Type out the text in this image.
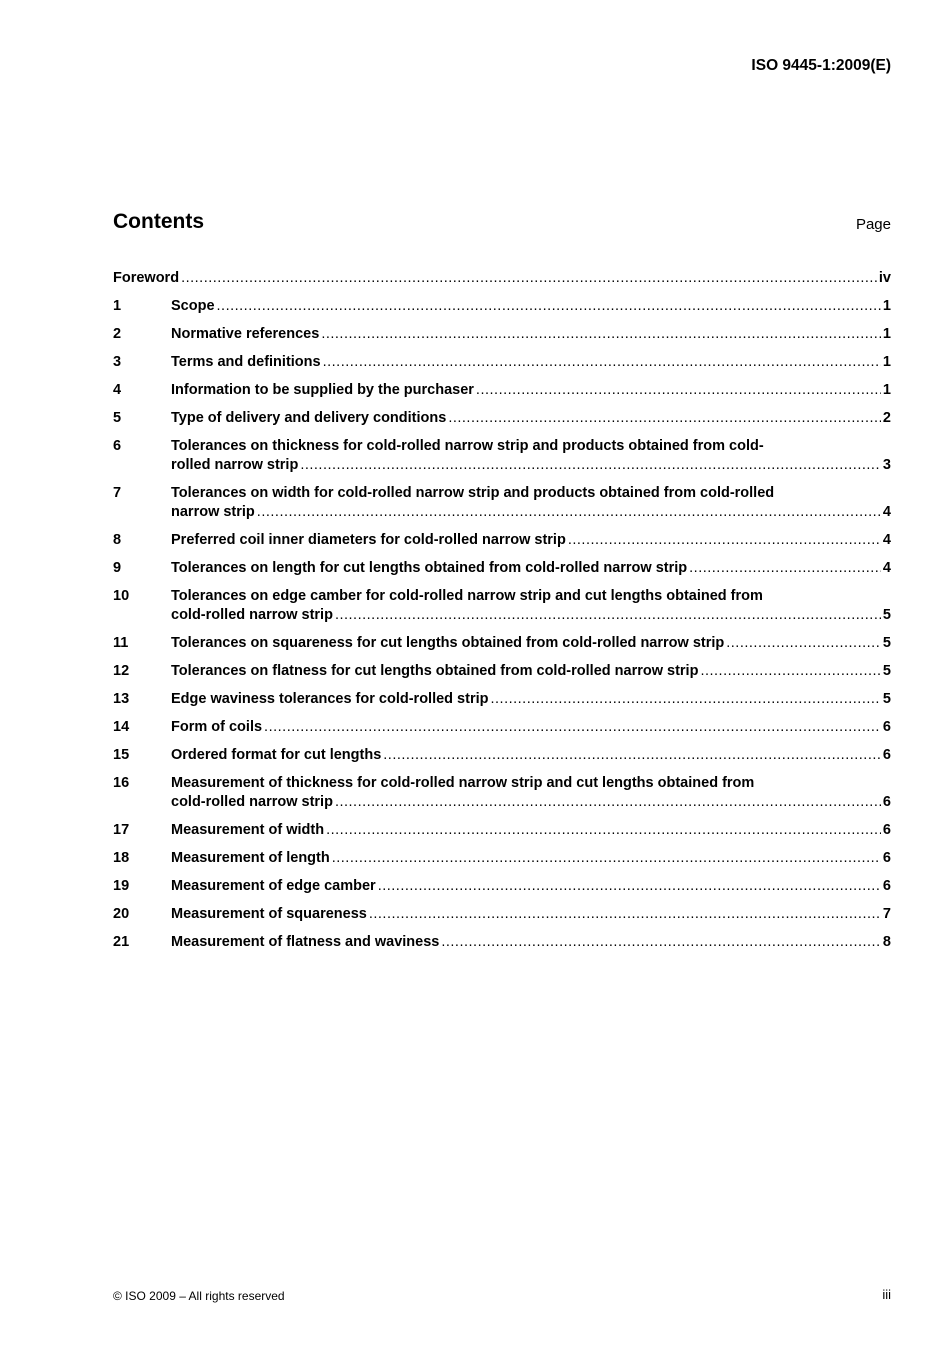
ISO 9445-1:2009(E)
Contents	Page
Foreword .....	iv
1	Scope .....	1
2	Normative references .....	1
3	Terms and definitions .....	1
4	Information to be supplied by the purchaser .....	1
5	Type of delivery and delivery conditions .....	2
6	Tolerances on thickness for cold-rolled narrow strip and products obtained from cold-
rolled narrow strip .....	3
7	Tolerances on width for cold-rolled narrow strip and products obtained from cold-rolled
narrow strip .....	4
8	Preferred coil inner diameters for cold-rolled narrow strip .....	4
9	Tolerances on length for cut lengths obtained from cold-rolled narrow strip .....	4
10	Tolerances on edge camber for cold-rolled narrow strip and cut lengths obtained from
cold-rolled narrow strip .....	5
11	Tolerances on squareness for cut lengths obtained from cold-rolled narrow strip .....	5
12	Tolerances on flatness for cut lengths obtained from cold-rolled narrow strip .....	5
13	Edge waviness tolerances for cold-rolled strip .....	5
14	Form of coils .....	6
15	Ordered format for cut lengths .....	6
16	Measurement of thickness for cold-rolled narrow strip and cut lengths obtained from
cold-rolled narrow strip .....	6
17	Measurement of width .....	6
18	Measurement of length .....	6
19	Measurement of edge camber .....	6
20	Measurement of squareness .....	7
21	Measurement of flatness and waviness .....	8
© ISO 2009 – All rights reserved	iii
